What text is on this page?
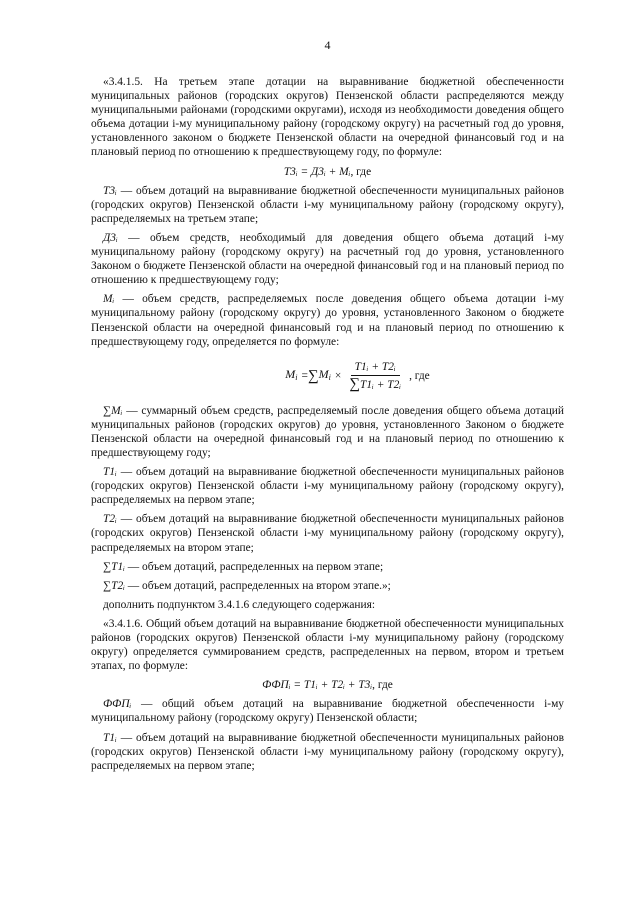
4

«3.4.1.5. На третьем этапе дотации на выравнивание бюджетной обеспеченности муниципальных районов (городских округов) Пензенской области распределяются между муниципальными районами (городскими округами), исходя из необходимости доведения общего объема дотации i-му муниципальному району (городскому округу) на расчетный год до уровня, установленного законом о бюджете Пензенской области на очередной финансовый год и на плановый период по отношению к предшествующему году, по формуле:

Т3ᵢ = Д3ᵢ + Mᵢ, где

Т3ᵢ — объем дотаций на выравнивание бюджетной обеспеченности муниципальных районов (городских округов) Пензенской области i-му муниципальному району (городскому округу), распределяемых на третьем этапе;

Д3ᵢ — объем средств, необходимый для доведения общего объема дотаций i-му муниципальному району (городскому округу) на расчетный год до уровня, установленного Законом о бюджете Пензенской области на очередной финансовый год и на плановый период по отношению к предшествующему году;

Mᵢ — объем средств, распределяемых после доведения общего объема дотации i-му муниципальному району (городскому округу) до уровня, установленного Законом о бюджете Пензенской области на очередной финансовый год и на плановый период по отношению к предшествующему году, определяется по формуле:

$M_i$ = ∑ $M_i \times \frac{\text{Т1ᵢ + Т2ᵢ}}{\text{∑Т1ᵢ + Т2ᵢ}}$ , где

∑Mᵢ — суммарный объем средств, распределяемый после доведения общего объема дотаций муниципальных районов (городских округов) до уровня, установленного Законом о бюджете Пензенской области на очередной финансовый год и на плановый период по отношению к предшествующему году;

Т1ᵢ — объем дотаций на выравнивание бюджетной обеспеченности муниципальных районов (городских округов) Пензенской области i-му муниципальному району (городскому округу), распределяемых на первом этапе;

Т2ᵢ — объем дотаций на выравнивание бюджетной обеспеченности муниципальных районов (городских округов) Пензенской области i-му муниципальному району (городскому округу), распределяемых на втором этапе;

∑Т1ᵢ — объем дотаций, распределенных на первом этапе;

∑Т2ᵢ — объем дотаций, распределенных на втором этапе.»;

дополнить подпунктом 3.4.1.6 следующего содержания:

«3.4.1.6. Общий объем дотаций на выравнивание бюджетной обеспеченности муниципальных районов (городских округов) Пензенской области i-му муниципальному району (городскому округу) определяется суммированием средств, распределенных на первом, втором и третьем этапах, по формуле:

ФФПᵢ = Т1ᵢ + Т2ᵢ + Т3ᵢ, где

ФФПᵢ — общий объем дотаций на выравнивание бюджетной обеспеченности i-му муниципальному району (городскому округу) Пензенской области;

Т1ᵢ — объем дотаций на выравнивание бюджетной обеспеченности муниципальных районов (городских округов) Пензенской области i-му муниципальному району (городскому округу), распределяемых на первом этапе;
